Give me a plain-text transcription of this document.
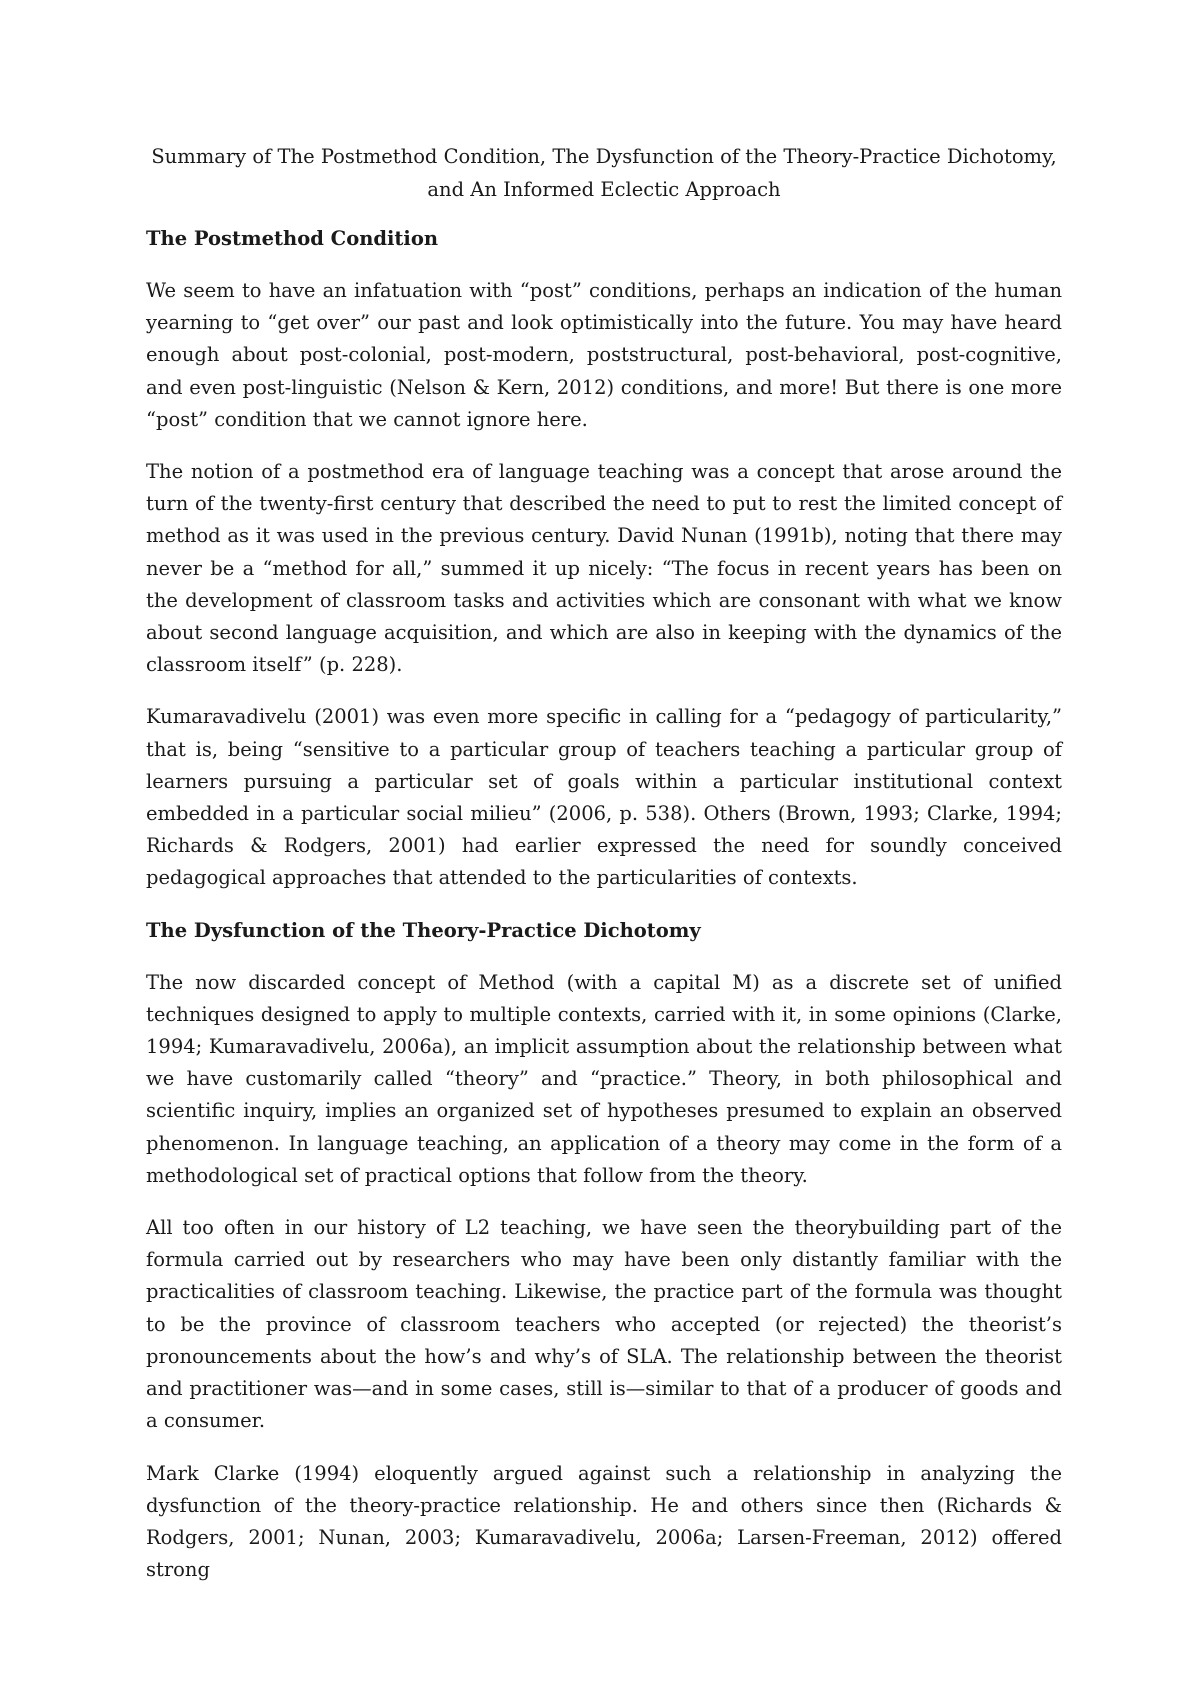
Summary of The Postmethod Condition, The Dysfunction of the Theory-Practice Dichotomy,
and An Informed Eclectic Approach
The Postmethod Condition

We seem to have an infatuation with “post” conditions, perhaps an indication of the human yearning to “get over” our past and look optimistically into the future. You may have heard enough about post-colonial, post-modern, poststructural, post-behavioral, post-cognitive, and even post-linguistic (Nelson & Kern, 2012) conditions, and more! But there is one more “post” condition that we cannot ignore here.

The notion of a postmethod era of language teaching was a concept that arose around the turn of the twenty-first century that described the need to put to rest the limited concept of method as it was used in the previous century. David Nunan (1991b), noting that there may never be a “method for all,” summed it up nicely: “The focus in recent years has been on the development of classroom tasks and activities which are consonant with what we know about second language acquisition, and which are also in keeping with the dynamics of the classroom itself” (p. 228).

Kumaravadivelu (2001) was even more specific in calling for a “pedagogy of particularity,” that is, being “sensitive to a particular group of teachers teaching a particular group of learners pursuing a particular set of goals within a particular institutional context embedded in a particular social milieu” (2006, p. 538). Others (Brown, 1993; Clarke, 1994; Richards & Rodgers, 2001) had earlier expressed the need for soundly conceived pedagogical approaches that attended to the particularities of contexts.

The Dysfunction of the Theory-Practice Dichotomy

The now discarded concept of Method (with a capital M) as a discrete set of unified techniques designed to apply to multiple contexts, carried with it, in some opinions (Clarke, 1994; Kumaravadivelu, 2006a), an implicit assumption about the relationship between what we have customarily called “theory” and “practice.” Theory, in both philosophical and scientific inquiry, implies an organized set of hypotheses presumed to explain an observed phenomenon. In language teaching, an application of a theory may come in the form of a methodological set of practical options that follow from the theory.

All too often in our history of L2 teaching, we have seen the theorybuilding part of the formula carried out by researchers who may have been only distantly familiar with the practicalities of classroom teaching. Likewise, the practice part of the formula was thought to be the province of classroom teachers who accepted (or rejected) the theorist’s pronouncements about the how’s and why’s of SLA. The relationship between the theorist and practitioner was—and in some cases, still is—similar to that of a producer of goods and a consumer.

Mark Clarke (1994) eloquently argued against such a relationship in analyzing the dysfunction of the theory-practice relationship. He and others since then (Richards & Rodgers, 2001; Nunan, 2003; Kumaravadivelu, 2006a; Larsen-Freeman, 2012) offered strong
